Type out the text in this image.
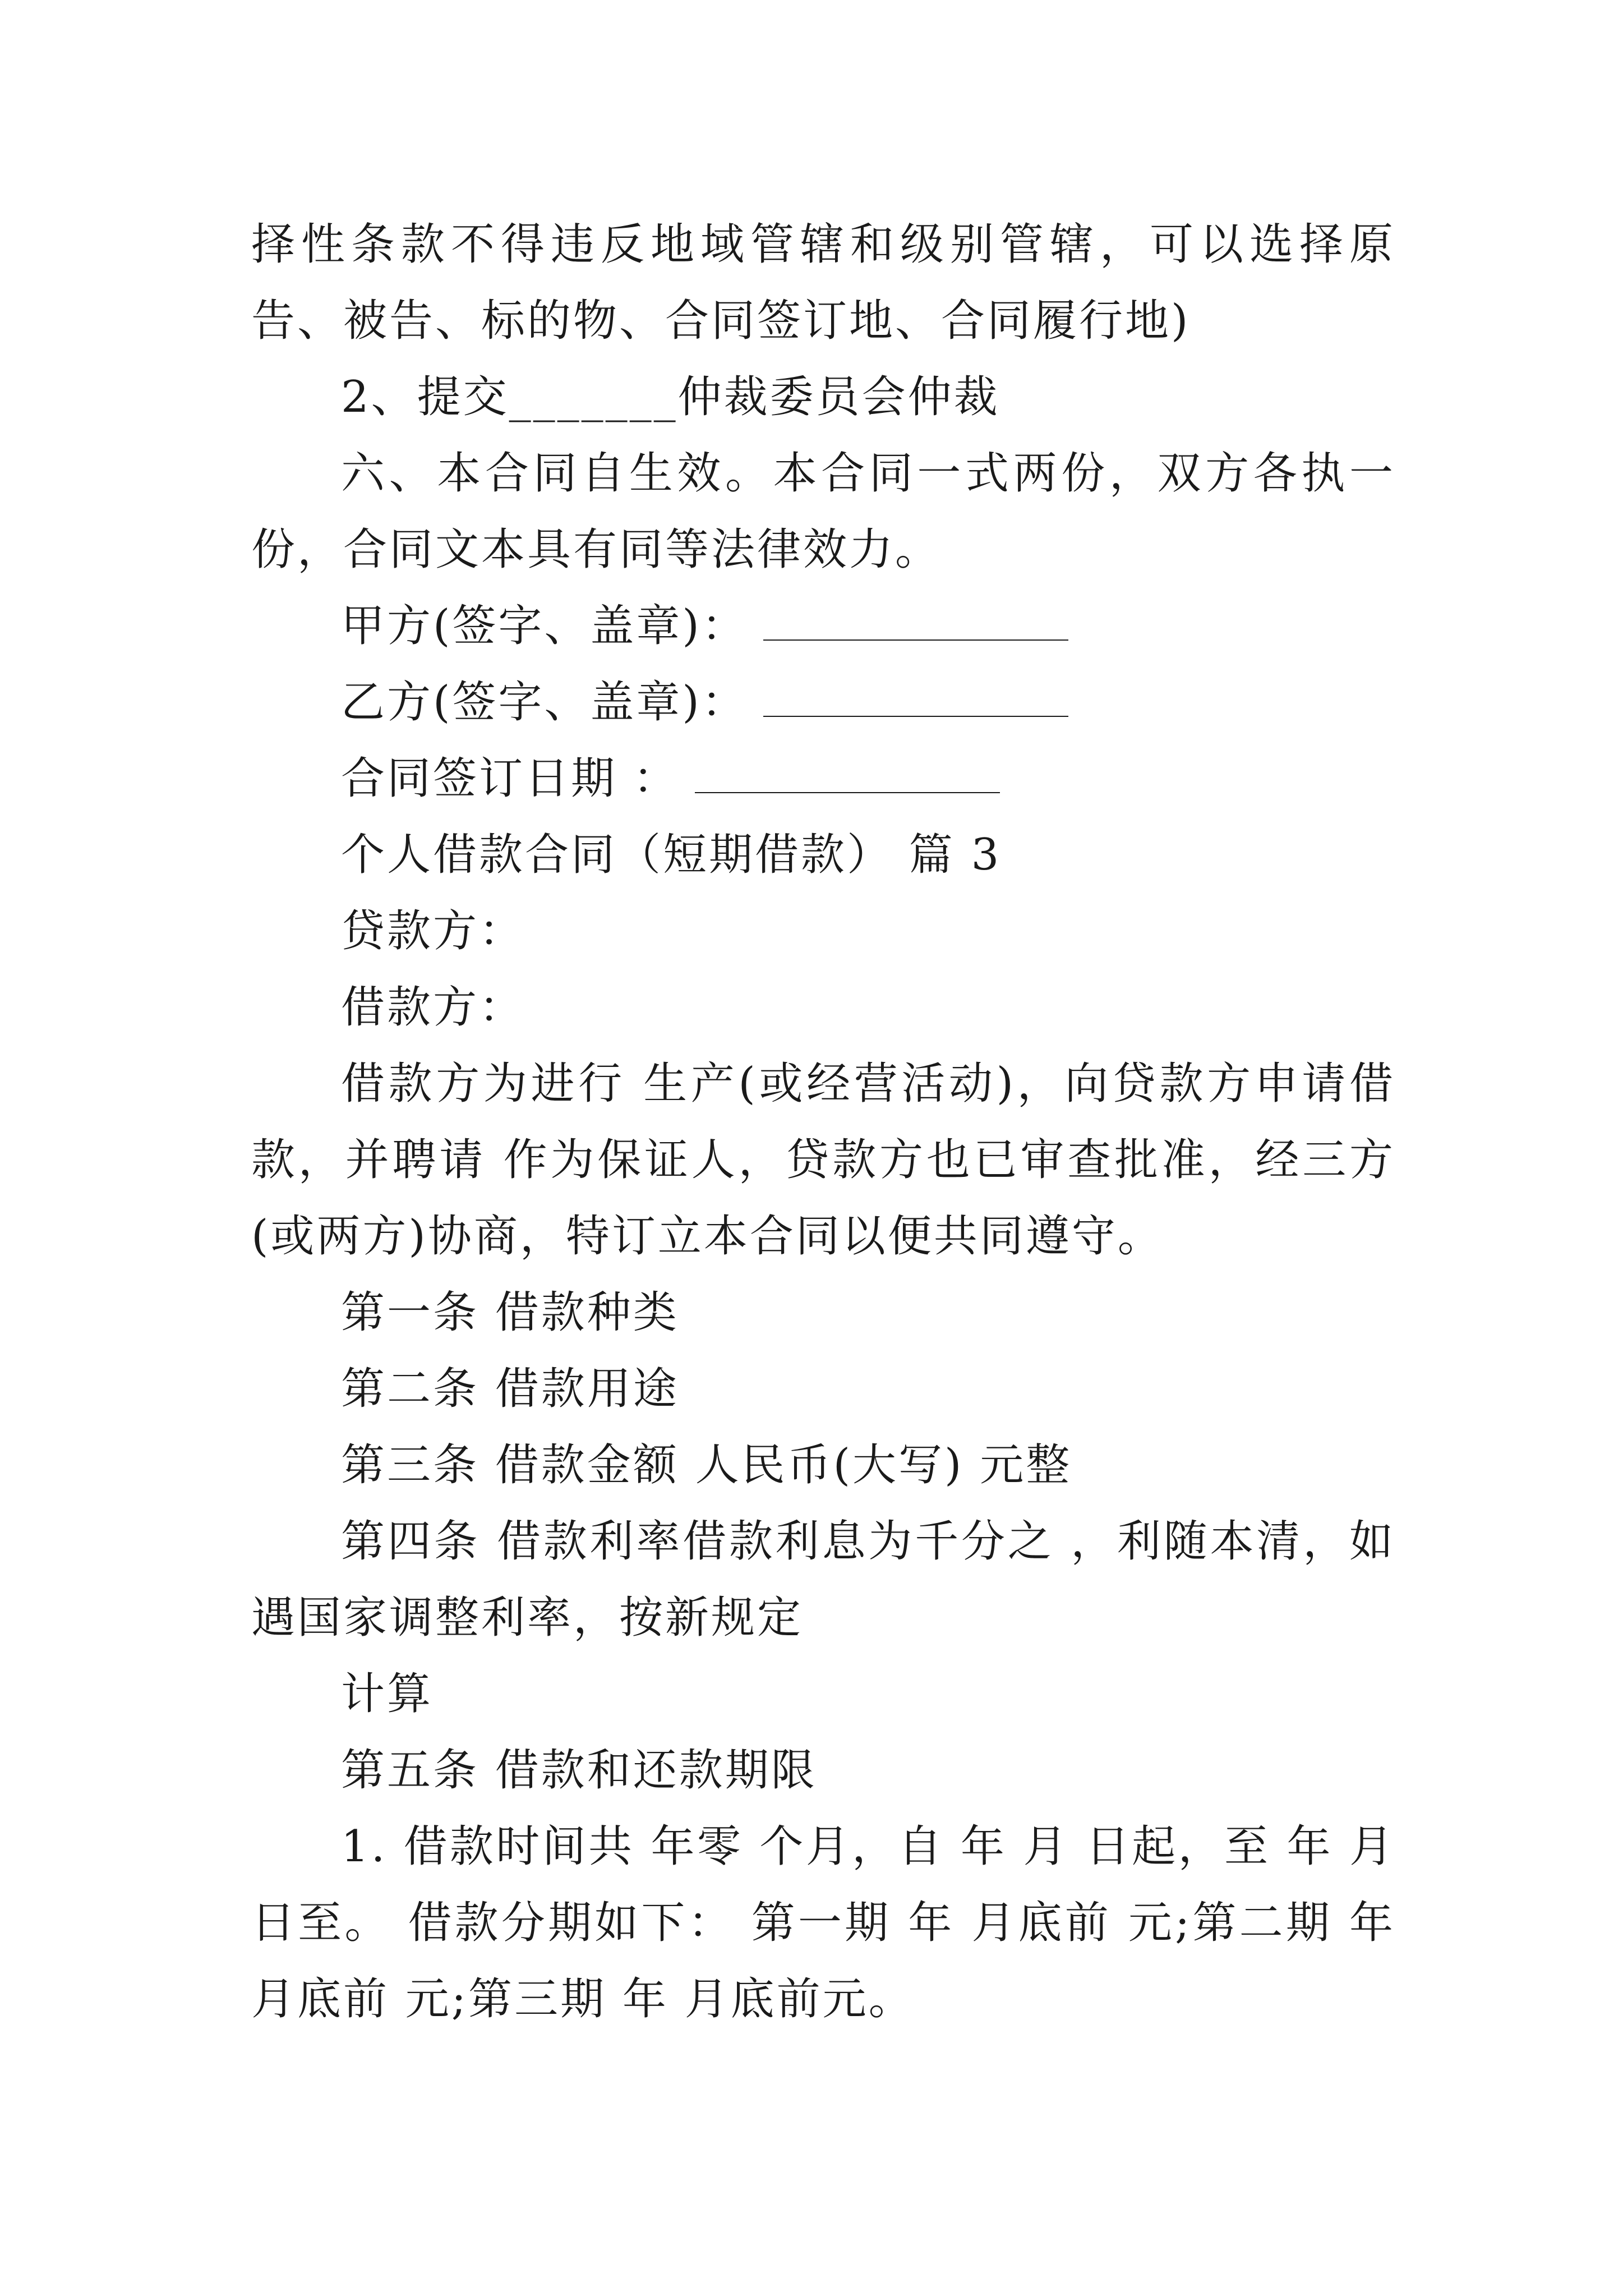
择性条款不得违反地域管辖和级别管辖，可以选择原告、被告、标的物、合同签订地、合同履行地)

2、提交_______仲裁委员会仲裁

六、本合同自生效。本合同一式两份，双方各执一份，合同文本具有同等法律效力。

甲方(签字、盖章)：

乙方(签字、盖章)：

合同签订日期 ：

个人借款合同（短期借款） 篇 3

贷款方：

借款方：

借款方为进行 生产(或经营活动)，向贷款方申请借款，并聘请 作为保证人，贷款方也已审查批准，经三方(或两方)协商，特订立本合同以便共同遵守。

第一条 借款种类

第二条 借款用途

第三条 借款金额 人民币(大写) 元整

第四条 借款利率借款利息为千分之 ，利随本清，如遇国家调整利率，按新规定

计算

第五条 借款和还款期限

1. 借款时间共 年零 个月，自 年 月 日起，至 年 月日至。 借款分期如下： 第一期 年 月底前 元;第二期 年月底前 元;第三期 年 月底前元。
